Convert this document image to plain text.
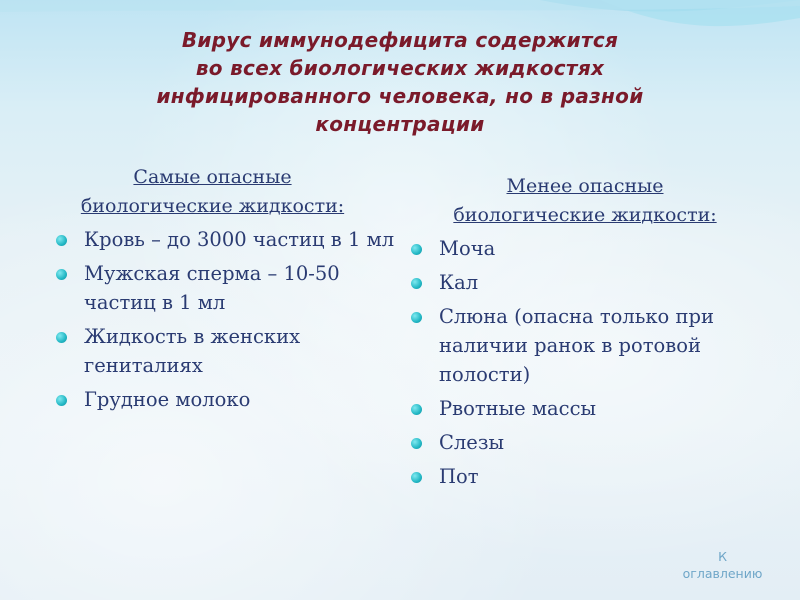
Вирус иммунодефицита содержится
во всех биологических жидкостях
инфицированного человека, но в разной
концентрации
Самые опасные
биологические жидкости:
Кровь – до 3000 частиц в 1 мл
Мужская сперма – 10-50 частиц в 1 мл
Жидкость в женских гениталиях
Грудное молоко
Менее опасные
биологические жидкости:
Моча
Кал
Слюна (опасна только при наличии ранок в ротовой полости)
Рвотные массы
Слезы
Пот
К
оглавлению
